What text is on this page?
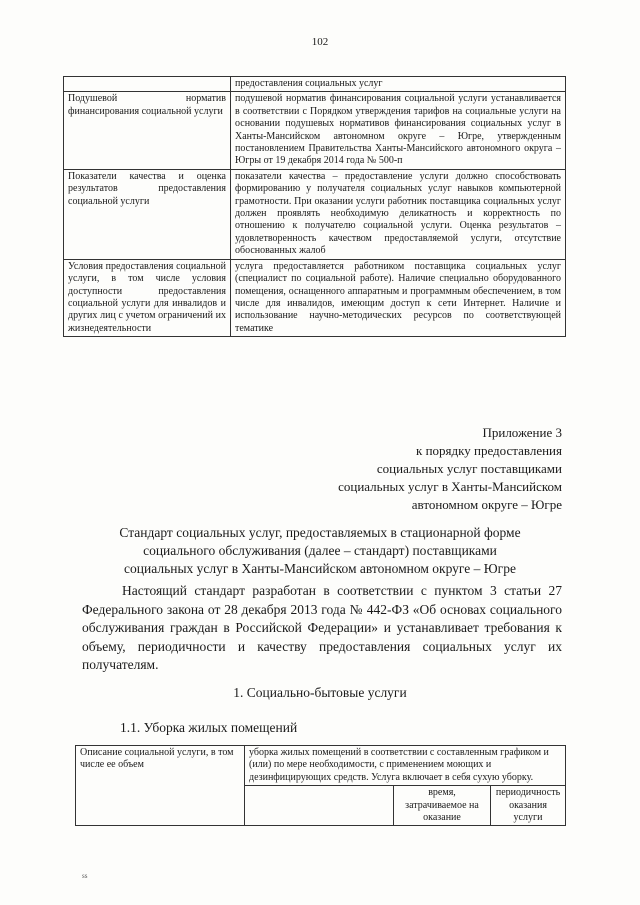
102
	предоставления социальных услуг
Подушевой норматив финансирования социальной услуги	подушевой норматив финансирования социальной услуги устанавливается в соответствии с Порядком утверждения тарифов на социальные услуги на основании подушевых нормативов финансирования социальных услуг в Ханты-Мансийском автономном округе – Югре, утвержденным постановлением Правительства Ханты-Мансийского автономного округа – Югры от 19 декабря 2014 года № 500-п
Показатели качества и оценка результатов предоставления социальной услуги	показатели качества – предоставление услуги должно способствовать формированию у получателя социальных услуг навыков компьютерной грамотности. При оказании услуги работник поставщика социальных услуг должен проявлять необходимую деликатность и корректность по отношению к получателю социальной услуги. Оценка результатов – удовлетворенность качеством предоставляемой услуги, отсутствие обоснованных жалоб
Условия предоставления социальной услуги, в том числе условия доступности предоставления социальной услуги для инвалидов и других лиц с учетом ограничений их жизнедеятельности	услуга предоставляется работником поставщика социальных услуг (специалист по социальной работе). Наличие специально оборудованного помещения, оснащенного аппаратным и программным обеспечением, в том числе для инвалидов, имеющим доступ к сети Интернет. Наличие и использование научно-методических ресурсов по соответствующей тематике
Приложение 3
к порядку предоставления
социальных услуг поставщиками
социальных услуг в Ханты-Мансийском
автономном округе – Югре
Стандарт социальных услуг, предоставляемых в стационарной форме
социального обслуживания (далее – стандарт) поставщиками
социальных услуг в Ханты-Мансийском автономном округе – Югре

Настоящий стандарт разработан в соответствии с пунктом 3 статьи 27 Федерального закона от 28 декабря 2013 года № 442-ФЗ «Об основах социального обслуживания граждан в Российской Федерации» и устанавливает требования к объему, периодичности и качеству предоставления социальных услуг их получателям.

1. Социально-бытовые услуги
1.1. Уборка жилых помещений
Описание социальной услуги, в том числе ее объем	уборка жилых помещений в соответствии с составленным графиком и (или) по мере необходимости, с применением моющих и дезинфицирующих средств. Услуга включает в себя сухую уборку.		
		время, затрачиваемое на оказание	периодичность оказания услуги
ss
